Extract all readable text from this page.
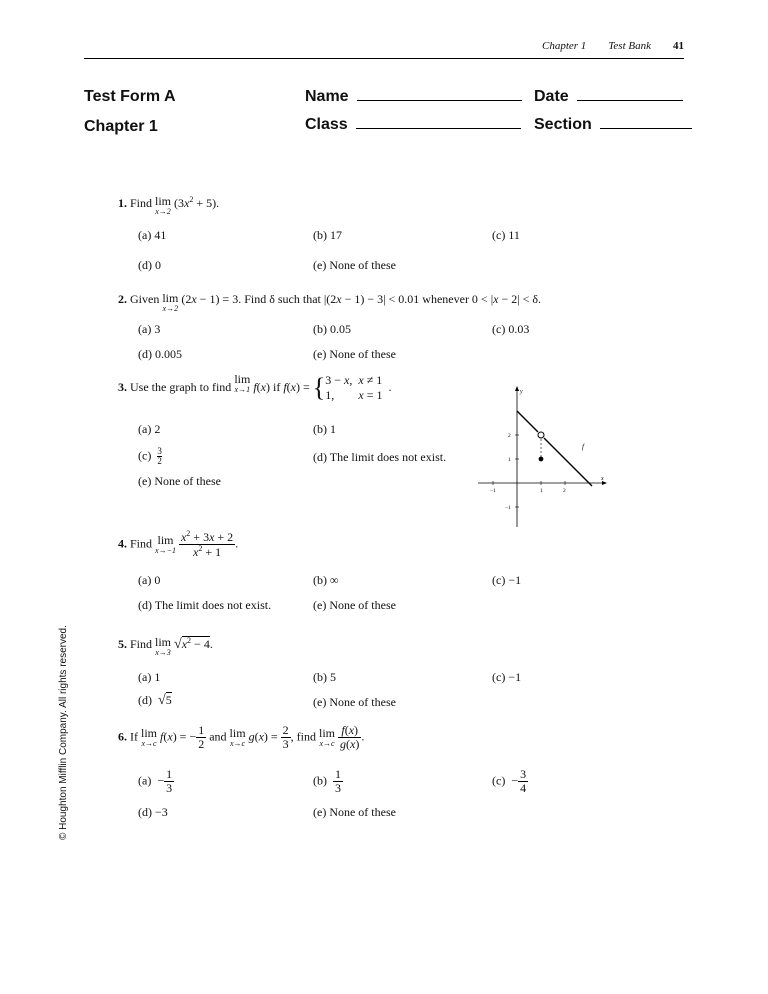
Chapter 1 Test Bank 41
Test Form A
Chapter 1
Name	Date
Class	Section
© Houghton Mifflin Company. All rights reserved.
1. Find lim
x→2
$(3x^2 + 5)$.
(a) 41	(b) 17	(c) 11
(d) 0	(e) None of these
2. Given lim
x→2
(2x − 1) = 3. Find δ such that |(2x − 1) − 3| < 0.01 whenever 0 < |x − 2| < δ.
(a) 3	(b) 0.05	(c) 0.03
(d) 0.005	(e) None of these
3. Use the graph to find lim
x→1 f(x) if f(x) = { 3 − x,	x ≠ 1
1,	x = 1.
(a) 2	(b) 1
$(c) \frac{3}{2}$	(d) The limit does not exist.
(e) None of these	x
y
−1	1	2
2
1
−1
f
4. Find lim
x→−1
$\frac{x^2 + 3x + 2}{x^2 + 1}$ .
(a) 0	(b) ∞	(c) −1
(d) The limit does not exist.	(e) None of these
5. Find lim
x→3
$√x^2 - 4$.
(a) 1	(b) 5	(c) −1
(d)  √5	(e) None of these
6. If lim
x→c
f(x) = − $\frac{1}{2}$ and lim
x→c
$g(x) = \frac{2}{3}$ , find lim
x→c
$\frac{f(x)}{g(x)}$ .
$(a) - \frac{1}{3}$	$(b) \frac{1}{3}$	$(c) - \frac{3}{4}$
(d) −3	(e) None of these
